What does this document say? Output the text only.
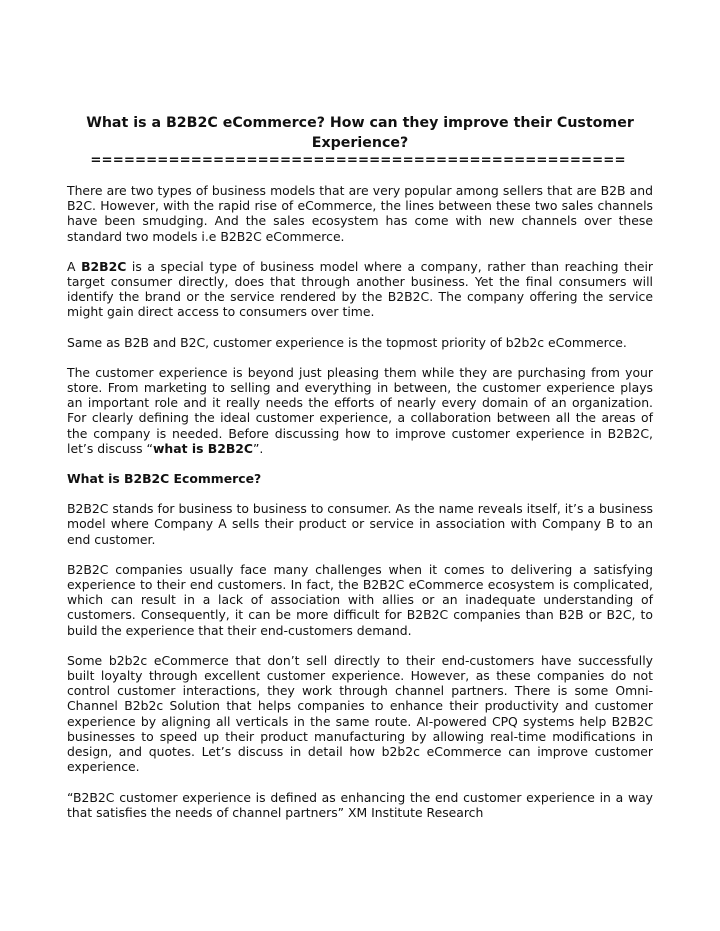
What is a B2B2C eCommerce? How can they improve their Customer Experience?
================================================

There are two types of business models that are very popular among sellers that are B2B and B2C. However, with the rapid rise of eCommerce, the lines between these two sales channels have been smudging. And the sales ecosystem has come with new channels over these standard two models i.e B2B2C eCommerce.

A B2B2C is a special type of business model where a company, rather than reaching their target consumer directly, does that through another business. Yet the final consumers will identify the brand or the service rendered by the B2B2C. The company offering the service might gain direct access to consumers over time.

Same as B2B and B2C, customer experience is the topmost priority of b2b2c eCommerce.

The customer experience is beyond just pleasing them while they are purchasing from your store. From marketing to selling and everything in between, the customer experience plays an important role and it really needs the efforts of nearly every domain of an organization. For clearly defining the ideal customer experience, a collaboration between all the areas of the company is needed. Before discussing how to improve customer experience in B2B2C, let’s discuss “what is B2B2C”.

What is B2B2C Ecommerce?

B2B2C stands for business to business to consumer. As the name reveals itself, it’s a business model where Company A sells their product or service in association with Company B to an end customer.

B2B2C companies usually face many challenges when it comes to delivering a satisfying experience to their end customers. In fact, the B2B2C eCommerce ecosystem is complicated, which can result in a lack of association with allies or an inadequate understanding of customers. Consequently, it can be more difficult for B2B2C companies than B2B or B2C, to build the experience that their end-customers demand.

Some b2b2c eCommerce that don’t sell directly to their end-customers have successfully built loyalty through excellent customer experience. However, as these companies do not control customer interactions, they work through channel partners. There is some Omni-Channel B2b2c Solution that helps companies to enhance their productivity and customer experience by aligning all verticals in the same route. AI-powered CPQ systems help B2B2C businesses to speed up their product manufacturing by allowing real-time modifications in design, and quotes. Let’s discuss in detail how b2b2c eCommerce can improve customer experience.

“B2B2C customer experience is defined as enhancing the end customer experience in a way that satisfies the needs of channel partners” XM Institute Research
